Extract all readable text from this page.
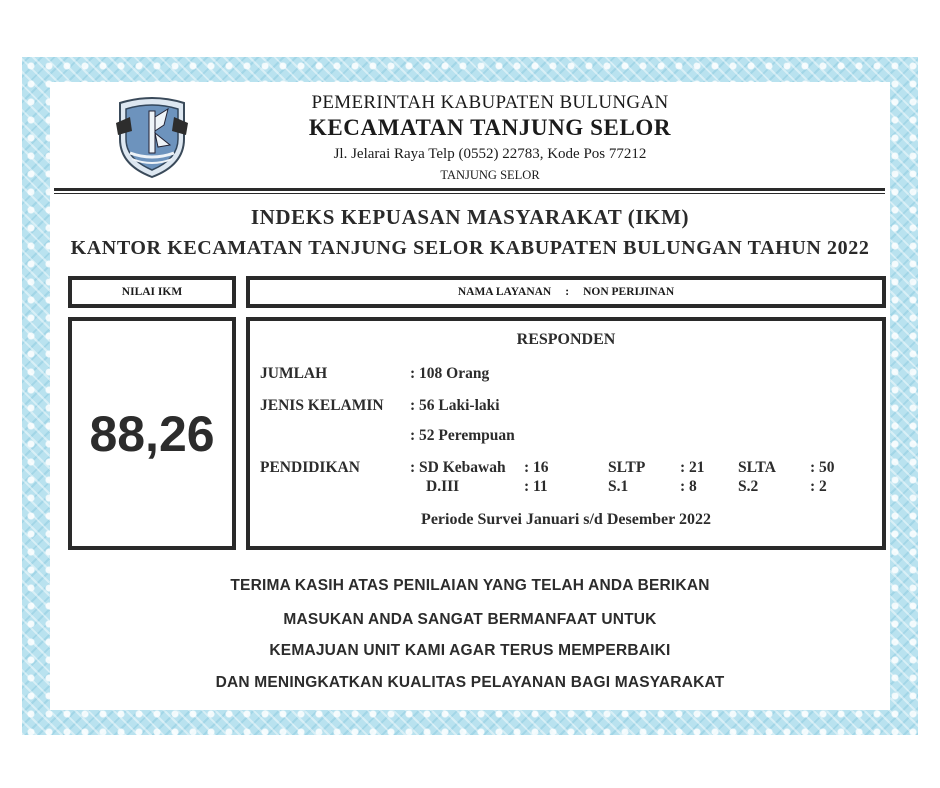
PEMERINTAH KABUPATEN BULUNGAN
KECAMATAN TANJUNG SELOR
Jl. Jelarai Raya Telp (0552) 22783, Kode Pos 77212
TANJUNG SELOR
INDEKS KEPUASAN MASYARAKAT (IKM)
KANTOR KECAMATAN TANJUNG SELOR KABUPATEN BULUNGAN TAHUN 2022
NILAI IKM	NAMA LAYANAN : NON PERIJINAN
88,26
RESPONDEN
JUMLAH	: 108 Orang
JENIS KELAMIN : 56 Laki-laki
: 52 Perempuan
PENDIDIKAN	: SD Kebawah : 16	SLTP : 21 SLTA : 50
D.III	: 11	S.1	: 8	S.2	: 2
Periode Survei Januari s/d Desember 2022
TERIMA KASIH ATAS PENILAIAN YANG TELAH ANDA BERIKAN
MASUKAN ANDA SANGAT BERMANFAAT UNTUK
KEMAJUAN UNIT KAMI AGAR TERUS MEMPERBAIKI
DAN MENINGKATKAN KUALITAS PELAYANAN BAGI MASYARAKAT
